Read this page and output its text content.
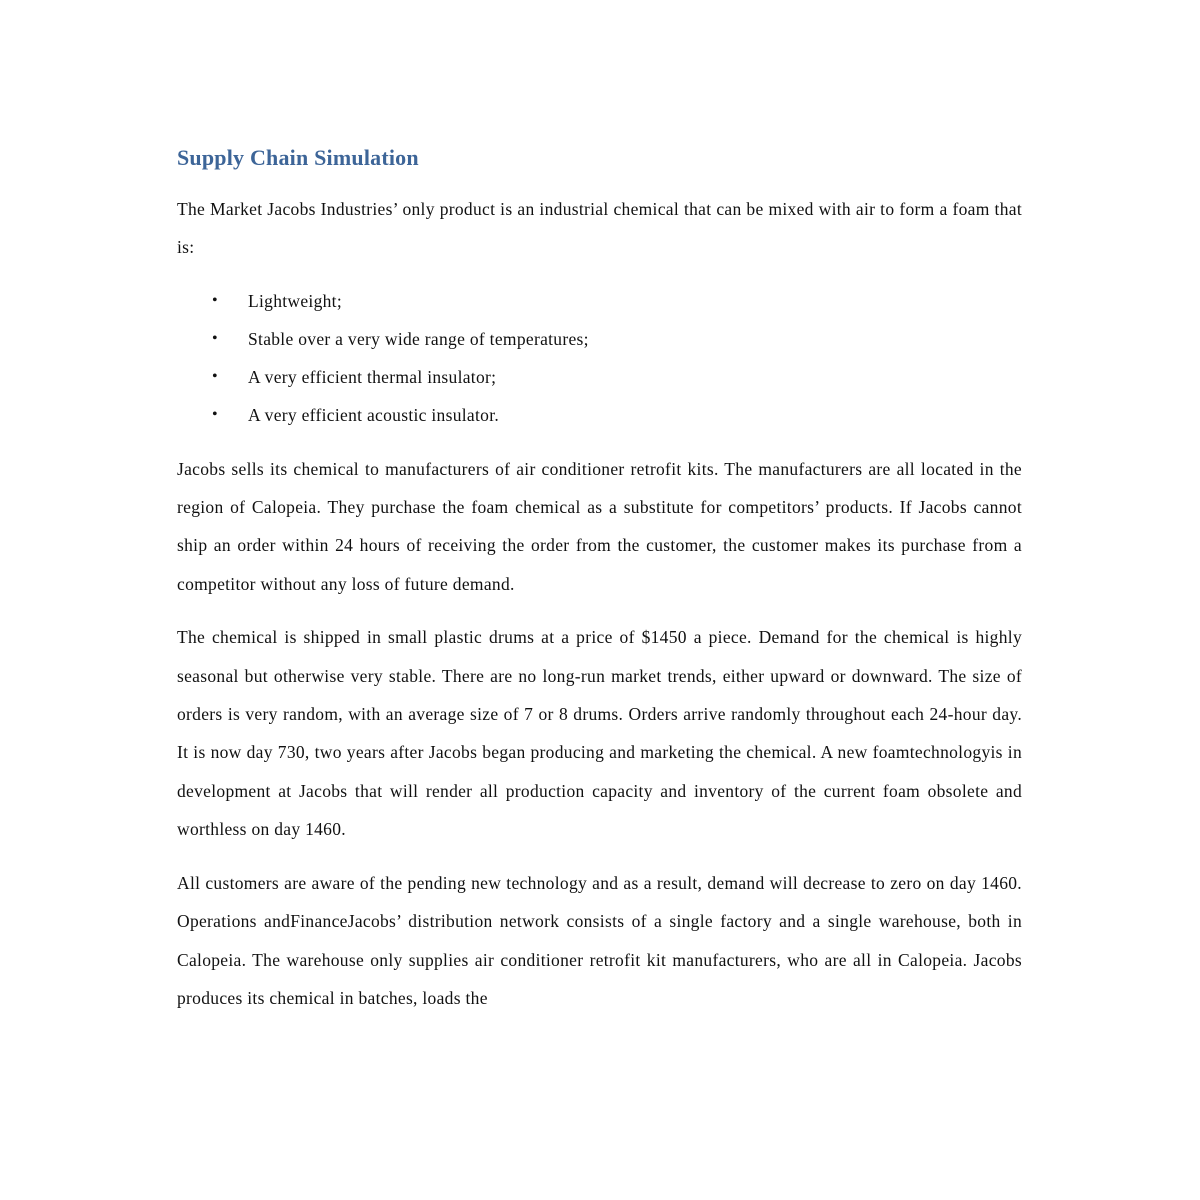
Supply Chain Simulation

The Market Jacobs Industries’ only product is an industrial chemical that can be mixed with air to form a foam that is:

• Lightweight;
• Stable over a very wide range of temperatures;
• A very efficient thermal insulator;
• A very efficient acoustic insulator.

Jacobs sells its chemical to manufacturers of air conditioner retrofit kits. The manufacturers are all located in the region of Calopeia. They purchase the foam chemical as a substitute for competitors’ products. If Jacobs cannot ship an order within 24 hours of receiving the order from the customer, the customer makes its purchase from a competitor without any loss of future demand.

The chemical is shipped in small plastic drums at a price of $1450 a piece. Demand for the chemical is highly seasonal but otherwise very stable. There are no long-run market trends, either upward or downward. The size of orders is very random, with an average size of 7 or 8 drums. Orders arrive randomly throughout each 24-hour day. It is now day 730, two years after Jacobs began producing and marketing the chemical. A new foamtechnologyis in development at Jacobs that will render all production capacity and inventory of the current foam obsolete and worthless on day 1460.

All customers are aware of the pending new technology and as a result, demand will decrease to zero on day 1460. Operations andFinanceJacobs’ distribution network consists of a single factory and a single warehouse, both in Calopeia. The warehouse only supplies air conditioner retrofit kit manufacturers, who are all in Calopeia. Jacobs produces its chemical in batches, loads the
